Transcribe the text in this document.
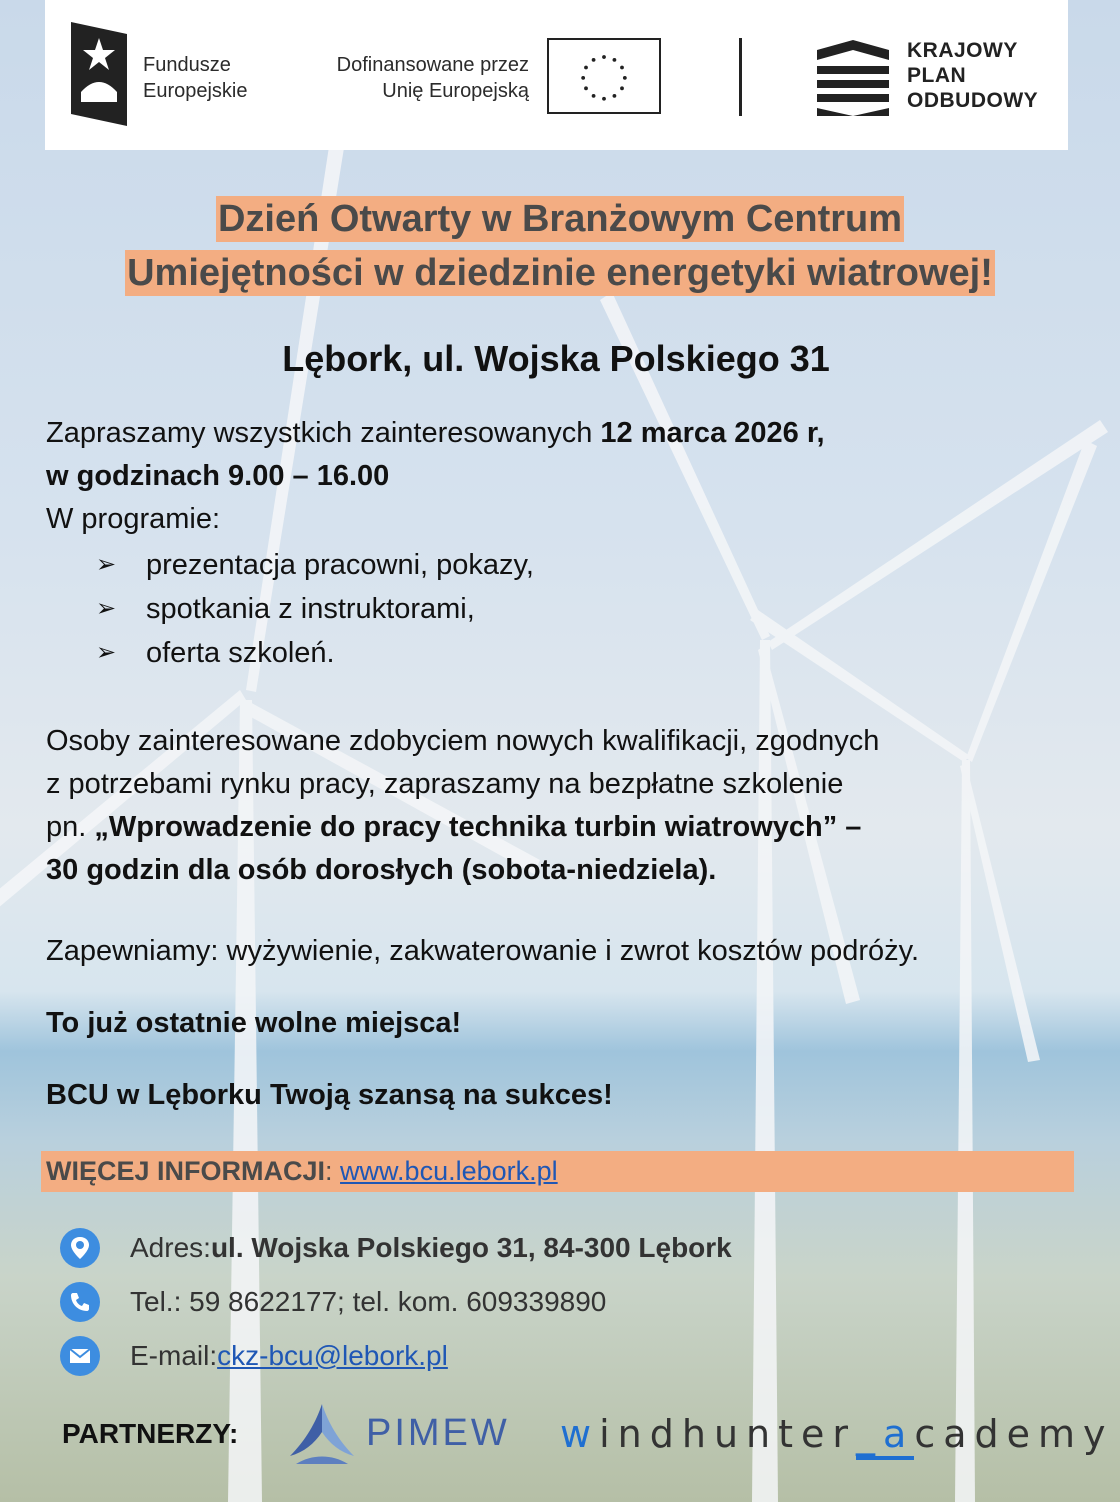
Fundusze
Europejskie
Dofinansowane przez
Unię Europejską
KRAJOWY
PLAN
ODBUDOWY
Dzień Otwarty w Branżowym Centrum
Umiejętności w dziedzinie energetyki wiatrowej!
Lębork, ul. Wojska Polskiego 31
Zapraszamy wszystkich zainteresowanych 12 marca 2026 r,
w godzinach 9.00 – 16.00
W programie:
➢	prezentacja pracowni, pokazy,
➢	spotkania z instruktorami,
➢	oferta szkoleń.
Osoby zainteresowane zdobyciem nowych kwalifikacji, zgodnych
z potrzebami rynku pracy, zapraszamy na bezpłatne szkolenie
pn. „Wprowadzenie do pracy technika turbin wiatrowych” –
30 godzin dla osób dorosłych (sobota-niedziela).
Zapewniamy: wyżywienie, zakwaterowanie i zwrot kosztów podróży.
To już ostatnie wolne miejsca!
BCU w Lęborku Twoją szansą na sukces!
WIĘCEJ INFORMACJI: www.bcu.lebork.pl
Adres: ul. Wojska Polskiego 31, 84-300 Lębork
Tel.: 59 8622177; tel. kom. 609339890
E-mail: ckz-bcu@lebork.pl
PARTNERZY:	PIMEW windhunter_academy
